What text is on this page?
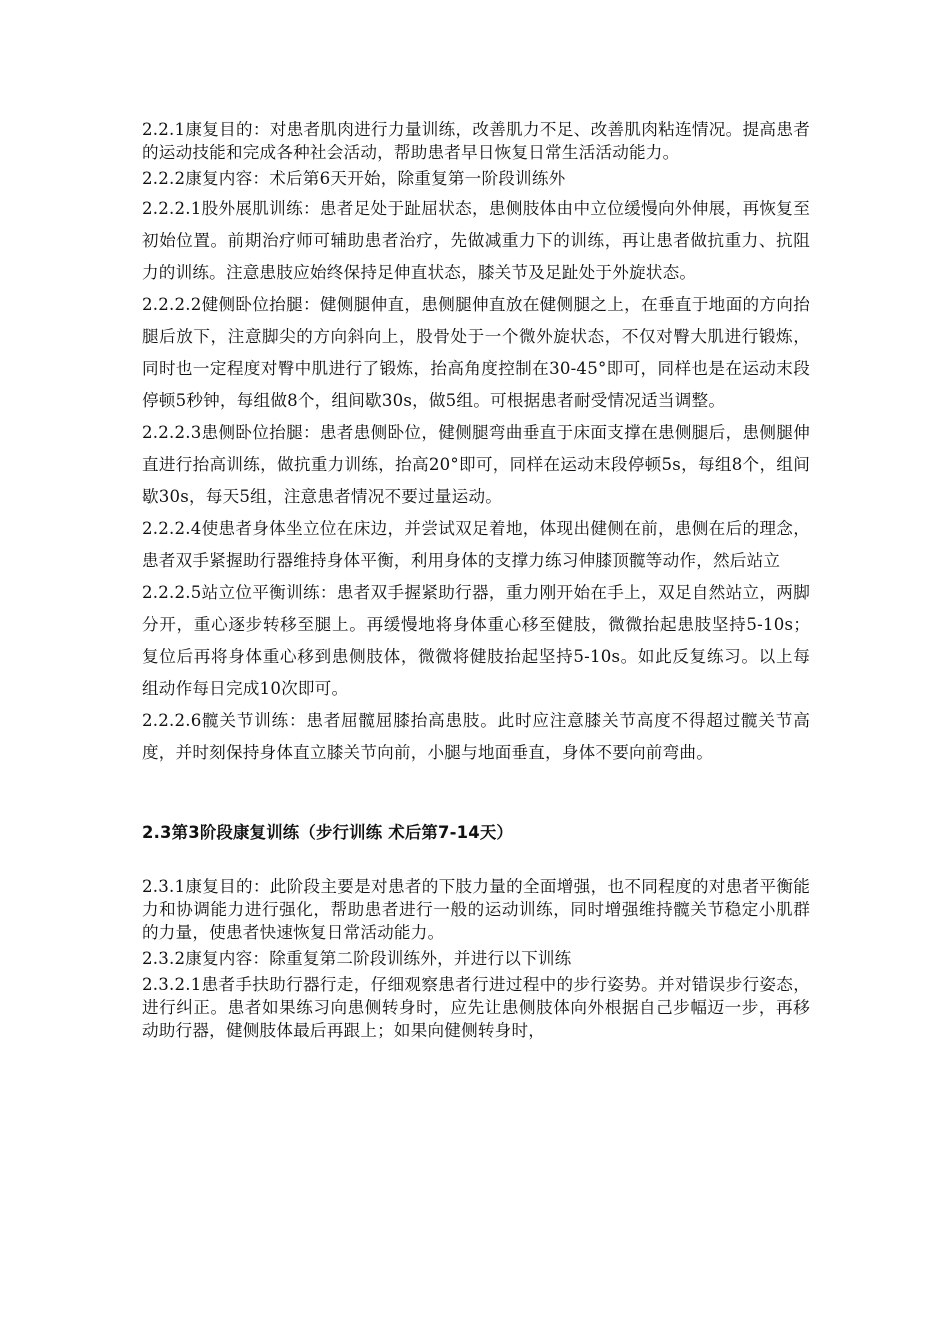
2.2.1康复目的：对患者肌肉进行力量训练，改善肌力不足、改善肌肉粘连情况。提高患者的运动技能和完成各种社会活动，帮助患者早日恢复日常生活活动能力。

2.2.2康复内容：术后第6天开始，除重复第一阶段训练外

2.2.2.1股外展肌训练：患者足处于趾屈状态，患侧肢体由中立位缓慢向外伸展，再恢复至初始位置。前期治疗师可辅助患者治疗，先做减重力下的训练，再让患者做抗重力、抗阻力的训练。注意患肢应始终保持足伸直状态，膝关节及足趾处于外旋状态。

2.2.2.2健侧卧位抬腿：健侧腿伸直，患侧腿伸直放在健侧腿之上，在垂直于地面的方向抬腿后放下，注意脚尖的方向斜向上，股骨处于一个微外旋状态，不仅对臀大肌进行锻炼，同时也一定程度对臀中肌进行了锻炼，抬高角度控制在30-45°即可，同样也是在运动末段停顿5秒钟，每组做8个，组间歇30s，做5组。可根据患者耐受情况适当调整。

2.2.2.3患侧卧位抬腿：患者患侧卧位，健侧腿弯曲垂直于床面支撑在患侧腿后，患侧腿伸直进行抬高训练，做抗重力训练，抬高20°即可，同样在运动末段停顿5s，每组8个，组间歇30s，每天5组，注意患者情况不要过量运动。

2.2.2.4使患者身体坐立位在床边，并尝试双足着地，体现出健侧在前，患侧在后的理念，患者双手紧握助行器维持身体平衡，利用身体的支撑力练习伸膝顶髋等动作，然后站立

2.2.2.5站立位平衡训练：患者双手握紧助行器，重力刚开始在手上，双足自然站立，两脚分开，重心逐步转移至腿上。再缓慢地将身体重心移至健肢，微微抬起患肢坚持5-10s；复位后再将身体重心移到患侧肢体，微微将健肢抬起坚持5-10s。如此反复练习。以上每组动作每日完成10次即可。

2.2.2.6髋关节训练：患者屈髋屈膝抬高患肢。此时应注意膝关节高度不得超过髋关节高度，并时刻保持身体直立膝关节向前，小腿与地面垂直，身体不要向前弯曲。

2.3第3阶段康复训练（步行训练 术后第7-14天）

2.3.1康复目的：此阶段主要是对患者的下肢力量的全面增强，也不同程度的对患者平衡能力和协调能力进行强化，帮助患者进行一般的运动训练，同时增强维持髋关节稳定小肌群的力量，使患者快速恢复日常活动能力。

2.3.2康复内容：除重复第二阶段训练外，并进行以下训练

2.3.2.1患者手扶助行器行走，仔细观察患者行进过程中的步行姿势。并对错误步行姿态，进行纠正。患者如果练习向患侧转身时，应先让患侧肢体向外根据自己步幅迈一步，再移动助行器，健侧肢体最后再跟上；如果向健侧转身时，
